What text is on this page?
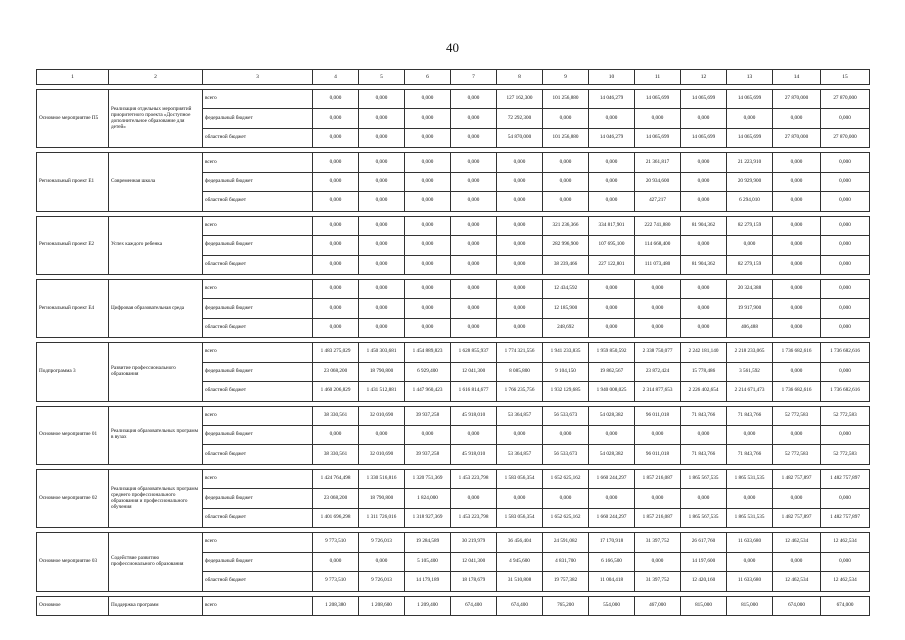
40
1	2	3	4	5	6	7	8	9	10	11	12	13	14	15

Основное мероприятие П5	Реализация отдельных мероприятий приоритетного проекта «Доступное дополнительное образование для детей»	всего	0,000	0,000	0,000	0,000	127 162,300	101 256,880	14 046,279	14 065,699	14 065,699	14 065,699	27 870,000	27 870,000
		федеральный бюджет	0,000	0,000	0,000	0,000	72 292,300	0,000	0,000	0,000	0,000	0,000	0,000	0,000
		областной бюджет	0,000	0,000	0,000	0,000	54 870,000	101 256,880	14 046,279	14 065,699	14 065,699	14 065,699	27 870,000	27 870,000

Региональный проект Е1	Современная школа	всего	0,000	0,000	0,000	0,000	0,000	0,000	0,000	21 361,817	0,000	21 223,910	0,000	0,000
		федеральный бюджет	0,000	0,000	0,000	0,000	0,000	0,000	0,000	20 934,600	0,000	20 929,900	0,000	0,000
		областной бюджет	0,000	0,000	0,000	0,000	0,000	0,000	0,000	427,217	0,000	6 294,010	0,000	0,000

Региональный проект Е2	Успех каждого ребенка	всего	0,000	0,000	0,000	0,000	0,000	321 236,366	334 817,901	222 741,880	81 904,362	82 279,159	0,000	0,000
		федеральный бюджет	0,000	0,000	0,000	0,000	0,000	282 996,900	107 695,100	114 668,400	0,000	0,000	0,000	0,000
		областной бюджет	0,000	0,000	0,000	0,000	0,000	38 239,466	227 122,801	111 073,480	81 904,362	82 279,159	0,000	0,000

Региональный проект Е4	Цифровая образовательная среда	всего	0,000	0,000	0,000	0,000	0,000	12 434,592	0,000	0,000	0,000	20 324,388	0,000	0,000
		федеральный бюджет	0,000	0,000	0,000	0,000	0,000	12 185,900	0,000	0,000	0,000	19 917,900	0,000	0,000
		областной бюджет	0,000	0,000	0,000	0,000	0,000	248,692	0,000	0,000	0,000	406,488	0,000	0,000

Подпрограмма 3	Развитие профессионального образования	всего	1 483 275,029	1 450 303,681	1 454 889,823	1 628 855,937	1 774 321,556	1 941 233,835	1 959 850,592	2 338 750,077	2 242 181,140	2 218 233,065	1 736 682,616	1 736 682,616
		федеральный бюджет	23 068,200	18 790,800	6 929,400	12 041,300	8 085,800	9 104,150	19 862,567	23 872,424	15 778,486	3 561,592	0,000	0,000
		областной бюджет	1 460 206,829	1 431 512,881	1 447 960,423	1 616 814,677	1 766 235,756	1 932 129,685	1 940 008,025	2 314 877,653	2 226 402,654	2 214 671,473	1 736 682,616	1 736 682,616

Основное мероприятие 01	Реализация образовательных программ в вузах	всего	38 330,561	32 010,690	39 937,258	45 918,010	53 364,857	56 533,673	54 028,382	96 011,018	71 843,766	71 843,766	52 772,583	52 772,583
		федеральный бюджет	0,000	0,000	0,000	0,000	0,000	0,000	0,000	0,000	0,000	0,000	0,000	0,000
		областной бюджет	38 330,561	32 010,690	39 937,258	45 918,010	53 364,857	56 533,673	54 028,382	96 011,018	71 843,766	71 843,766	52 772,583	52 772,583

Основное мероприятие 02	Реализация образовательных программ среднего профессионального образования и профессионального обучения	всего	1 424 764,498	1 330 516,816	1 320 751,369	1 453 223,798	1 583 056,354	1 652 625,162	1 660 244,297	1 857 216,087	1 865 567,535	1 865 531,535	1 482 757,897	1 482 757,897
		федеральный бюджет	23 068,200	18 790,800	1 824,000	0,000	0,000	0,000	0,000	0,000	0,000	0,000	0,000	0,000
		областной бюджет	1 401 696,298	1 311 726,016	1 318 927,369	1 453 223,798	1 583 056,354	1 652 625,162	1 660 244,297	1 857 216,087	1 865 567,535	1 865 531,535	1 482 757,897	1 482 757,897

Основное мероприятие 03	Содействие развитию профессионального образования	всего	9 773,510	9 726,013	19 284,589	30 219,979	36 456,404	24 591,082	17 170,918	31 397,752	26 617,760	11 633,680	12 462,534	12 462,534
		федеральный бюджет	0,000	0,000	5 105,400	12 041,300	4 945,600	4 831,700	6 166,500	0,000	14 197,600	0,000	0,000	0,000
		областной бюджет	9 773,510	9 726,013	14 179,189	18 178,679	31 510,808	19 757,382	11 004,418	31 397,752	12 420,160	11 633,680	12 462,534	12 462,534

Основное	Поддержка программ	всего	1 208,380	1 208,600	1 209,400	674,400	674,400	765,200	554,000	467,000	815,000	815,000	674,000	674,000
